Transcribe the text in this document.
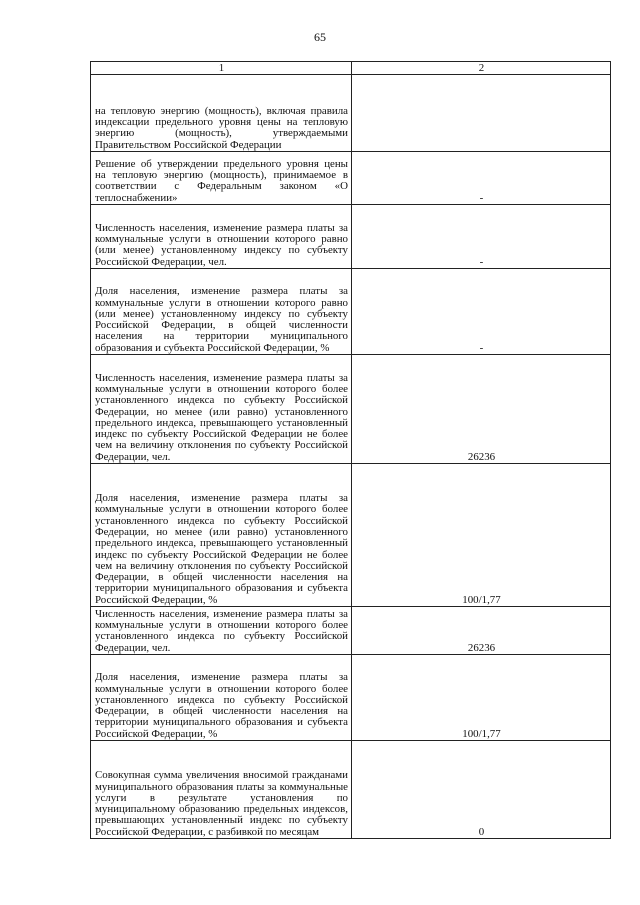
65
1	2
на тепловую энергию (мощность), включая правила индексации предельного уровня цены на тепловую энергию (мощность), утверждаемыми Правительством Российской Федерации	
Решение об утверждении предельного уровня цены на тепловую энергию (мощность), принимаемое в соответствии с Федеральным законом «О теплоснабжении»	-
Численность населения, изменение размера платы за коммунальные услуги в отношении которого равно (или менее) установленному индексу по субъекту Российской Федерации, чел.	-
Доля населения, изменение размера платы за коммунальные услуги в отношении которого равно (или менее) установленному индексу по субъекту Российской Федерации, в общей численности населения на территории муниципального образования и субъекта Российской Федерации, %	-
Численность населения, изменение размера платы за коммунальные услуги в отношении которого более установленного индекса по субъекту Российской Федерации, но менее (или равно) установленного предельного индекса, превышающего установленный индекс по субъекту Российской Федерации не более чем на величину отклонения по субъекту Российской Федерации, чел.	26236
Доля населения, изменение размера платы за коммунальные услуги в отношении которого более установленного индекса по субъекту Российской Федерации, но менее (или равно) установленного предельного индекса, превышающего установленный индекс по субъекту Российской Федерации не более чем на величину отклонения по субъекту Российской Федерации, в общей численности населения на территории муниципального образования и субъекта Российской Федерации, %	100/1,77
Численность населения, изменение размера платы за коммунальные услуги в отношении которого более установленного индекса по субъекту Российской Федерации, чел.	26236
Доля населения, изменение размера платы за коммунальные услуги в отношении которого более установленного индекса по субъекту Российской Федерации, в общей численности населения на территории муниципального образования и субъекта Российской Федерации, %	100/1,77
Совокупная сумма увеличения вносимой гражданами муниципального образования платы за коммунальные услуги в результате установления по муниципальному образованию предельных индексов, превышающих установленный индекс по субъекту Российской Федерации, с разбивкой по месяцам	0
